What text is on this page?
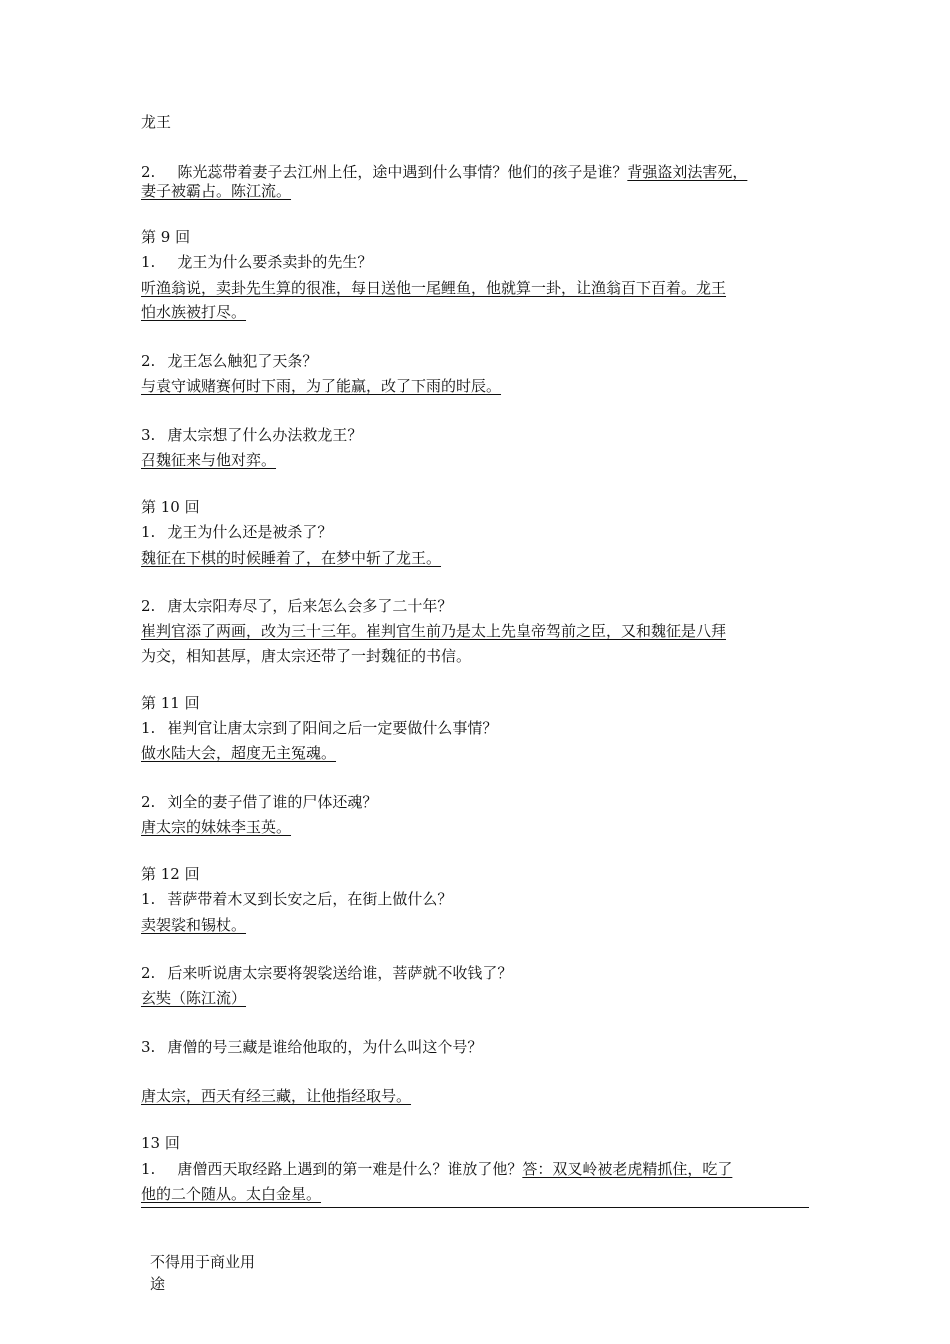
龙王
2. 陈光蕊带着妻子去江州上任，途中遇到什么事情？他们的孩子是谁？背强盗刘法害死，
妻子被霸占。陈江流。
第 9 回
1. 龙王为什么要杀卖卦的先生？
听渔翁说，卖卦先生算的很准，每日送他一尾鲤鱼，他就算一卦，让渔翁百下百着。龙王
怕水族被打尽。
2. 龙王怎么触犯了天条？
与袁守诚赌赛何时下雨，为了能赢，改了下雨的时辰。
3. 唐太宗想了什么办法救龙王？
召魏征来与他对弈。
第 10 回
1. 龙王为什么还是被杀了？
魏征在下棋的时候睡着了，在梦中斩了龙王。
2. 唐太宗阳寿尽了，后来怎么会多了二十年？
崔判官添了两画，改为三十三年。崔判官生前乃是太上先皇帝驾前之臣，又和魏征是八拜
为交，相知甚厚，唐太宗还带了一封魏征的书信。
第 11 回
1. 崔判官让唐太宗到了阳间之后一定要做什么事情？
做水陆大会，超度无主冤魂。
2. 刘全的妻子借了谁的尸体还魂？
唐太宗的妹妹李玉英。
第 12 回
1. 菩萨带着木叉到长安之后，在街上做什么？
卖袈裟和锡杖。
2. 后来听说唐太宗要将袈裟送给谁，菩萨就不收钱了？
玄奘（陈江流）
3. 唐僧的号三藏是谁给他取的，为什么叫这个号？
唐太宗，西天有经三藏，让他指经取号。
13 回
1. 唐僧西天取经路上遇到的第一难是什么？谁放了他？答：双叉岭被老虎精抓住，吃了
他的二个随从。太白金星。
不得用于商业用
途
